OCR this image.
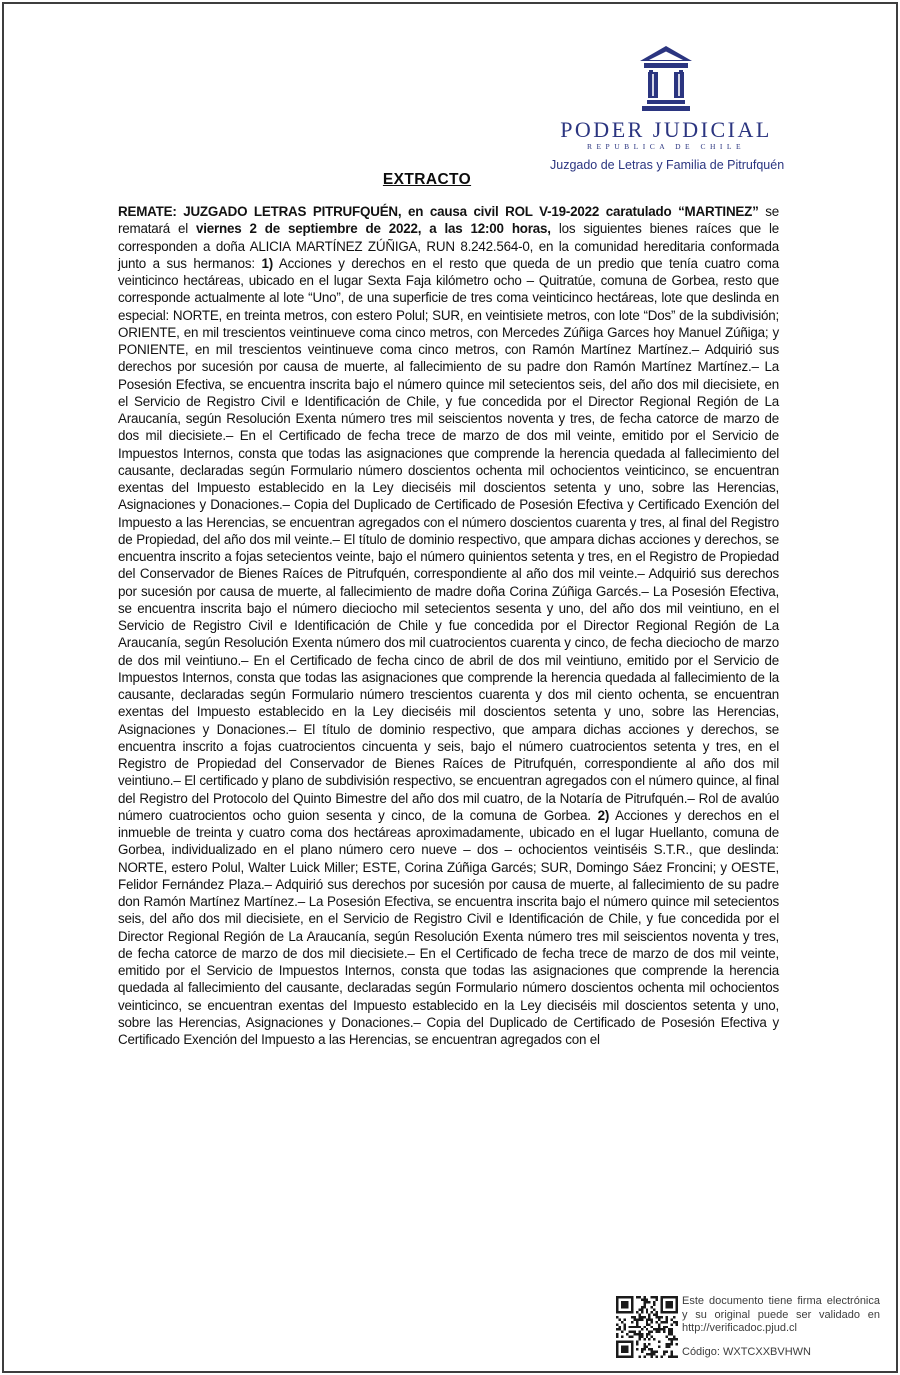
PODER JUDICIAL
REPUBLICA DE CHILE
Juzgado de Letras y Familia de Pitrufquén
EXTRACTO
REMATE: JUZGADO LETRAS PITRUFQUÉN, en causa civil ROL V-19-2022 caratulado “MARTINEZ” se rematará el viernes 2 de septiembre de 2022, a las 12:00 horas, los siguientes bienes raíces que le corresponden a doña ALICIA MARTÍNEZ ZÚÑIGA, RUN 8.242.564-0, en la comunidad hereditaria conformada junto a sus hermanos: 1) Acciones y derechos en el resto que queda de un predio que tenía cuatro coma veinticinco hectáreas, ubicado en el lugar Sexta Faja kilómetro ocho – Quitratúe, comuna de Gorbea, resto que corresponde actualmente al lote “Uno”, de una superficie de tres coma veinticinco hectáreas, lote que deslinda en especial: NORTE, en treinta metros, con estero Polul; SUR, en veintisiete metros, con lote “Dos” de la subdivisión; ORIENTE, en mil trescientos veintinueve coma cinco metros, con Mercedes Zúñiga Garces hoy Manuel Zúñiga; y PONIENTE, en mil trescientos veintinueve coma cinco metros, con Ramón Martínez Martínez.– Adquirió sus derechos por sucesión por causa de muerte, al fallecimiento de su padre don Ramón Martínez Martínez.– La Posesión Efectiva, se encuentra inscrita bajo el número quince mil setecientos seis, del año dos mil diecisiete, en el Servicio de Registro Civil e Identificación de Chile, y fue concedida por el Director Regional Región de La Araucanía, según Resolución Exenta número tres mil seiscientos noventa y tres, de fecha catorce de marzo de dos mil diecisiete.– En el Certificado de fecha trece de marzo de dos mil veinte, emitido por el Servicio de Impuestos Internos, consta que todas las asignaciones que comprende la herencia quedada al fallecimiento del causante, declaradas según Formulario número doscientos ochenta mil ochocientos veinticinco, se encuentran exentas del Impuesto establecido en la Ley dieciséis mil doscientos setenta y uno, sobre las Herencias, Asignaciones y Donaciones.– Copia del Duplicado de Certificado de Posesión Efectiva y Certificado Exención del Impuesto a las Herencias, se encuentran agregados con el número doscientos cuarenta y tres, al final del Registro de Propiedad, del año dos mil veinte.– El título de dominio respectivo, que ampara dichas acciones y derechos, se encuentra inscrito a fojas setecientos veinte, bajo el número quinientos setenta y tres, en el Registro de Propiedad del Conservador de Bienes Raíces de Pitrufquén, correspondiente al año dos mil veinte.– Adquirió sus derechos por sucesión por causa de muerte, al fallecimiento de madre doña Corina Zúñiga Garcés.– La Posesión Efectiva, se encuentra inscrita bajo el número dieciocho mil setecientos sesenta y uno, del año dos mil veintiuno, en el Servicio de Registro Civil e Identificación de Chile y fue concedida por el Director Regional Región de La Araucanía, según Resolución Exenta número dos mil cuatrocientos cuarenta y cinco, de fecha dieciocho de marzo de dos mil veintiuno.– En el Certificado de fecha cinco de abril de dos mil veintiuno, emitido por el Servicio de Impuestos Internos, consta que todas las asignaciones que comprende la herencia quedada al fallecimiento de la causante, declaradas según Formulario número trescientos cuarenta y dos mil ciento ochenta, se encuentran exentas del Impuesto establecido en la Ley dieciséis mil doscientos setenta y uno, sobre las Herencias, Asignaciones y Donaciones.– El título de dominio respectivo, que ampara dichas acciones y derechos, se encuentra inscrito a fojas cuatrocientos cincuenta y seis, bajo el número cuatrocientos setenta y tres, en el Registro de Propiedad del Conservador de Bienes Raíces de Pitrufquén, correspondiente al año dos mil veintiuno.– El certificado y plano de subdivisión respectivo, se encuentran agregados con el número quince, al final del Registro del Protocolo del Quinto Bimestre del año dos mil cuatro, de la Notaría de Pitrufquén.– Rol de avalúo número cuatrocientos ocho guion sesenta y cinco, de la comuna de Gorbea. 2) Acciones y derechos en el inmueble de treinta y cuatro coma dos hectáreas aproximadamente, ubicado en el lugar Huellanto, comuna de Gorbea, individualizado en el plano número cero nueve – dos – ochocientos veintiséis S.T.R., que deslinda: NORTE, estero Polul, Walter Luick Miller; ESTE, Corina Zúñiga Garcés; SUR, Domingo Sáez Froncini; y OESTE, Felidor Fernández Plaza.– Adquirió sus derechos por sucesión por causa de muerte, al fallecimiento de su padre don Ramón Martínez Martínez.– La Posesión Efectiva, se encuentra inscrita bajo el número quince mil setecientos seis, del año dos mil diecisiete, en el Servicio de Registro Civil e Identificación de Chile, y fue concedida por el Director Regional Región de La Araucanía, según Resolución Exenta número tres mil seiscientos noventa y tres, de fecha catorce de marzo de dos mil diecisiete.– En el Certificado de fecha trece de marzo de dos mil veinte, emitido por el Servicio de Impuestos Internos, consta que todas las asignaciones que comprende la herencia quedada al fallecimiento del causante, declaradas según Formulario número doscientos ochenta mil ochocientos veinticinco, se encuentran exentas del Impuesto establecido en la Ley dieciséis mil doscientos setenta y uno, sobre las Herencias, Asignaciones y Donaciones.– Copia del Duplicado de Certificado de Posesión Efectiva y Certificado Exención del Impuesto a las Herencias, se encuentran agregados con el
Este documento tiene firma electrónica
y su original puede ser validado en
http://verificadoc.pjud.cl
Código: WXTCXXBVHWN
